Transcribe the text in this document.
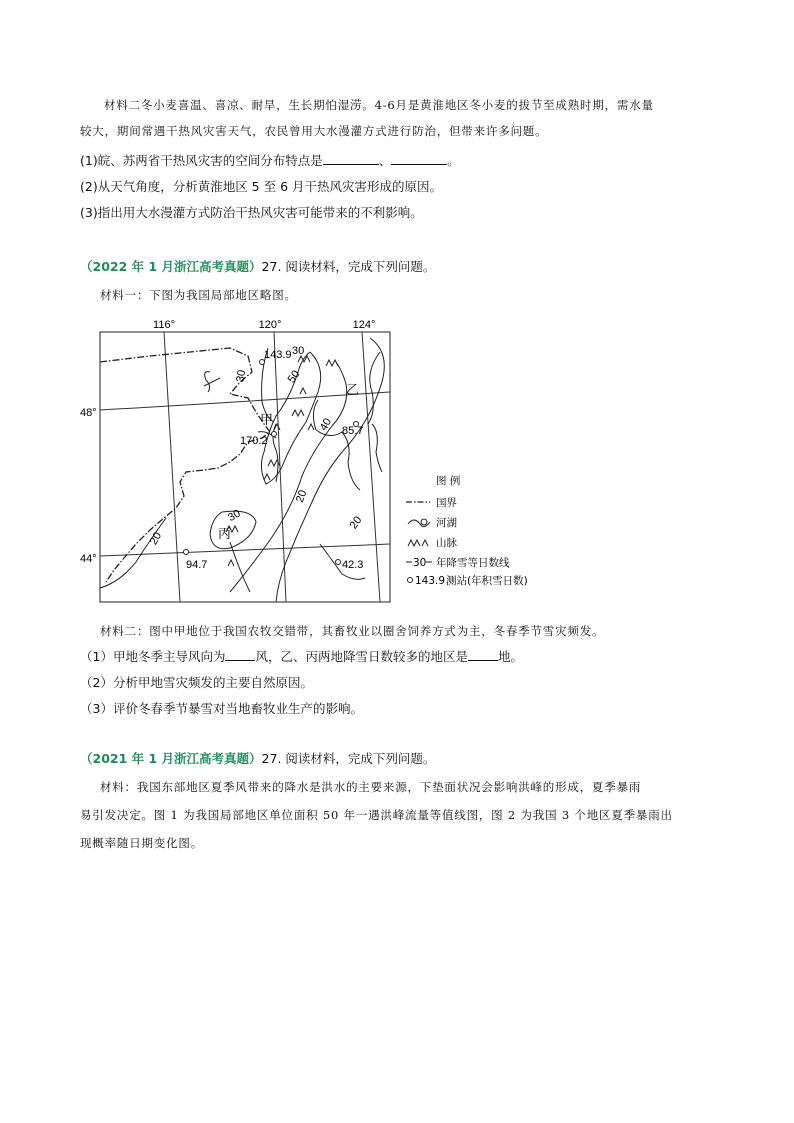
材料二冬小麦喜温、喜凉、耐旱，生长期怕湿涝。4-6月是黄淮地区冬小麦的拔节至成熟时期，需水量
较大，期间常遇干热风灾害天气，农民曾用大水漫灌方式进行防治，但带来许多问题。
(1)皖、苏两省干热风灾害的空间分布特点是	、	。
(2)从天气角度，分析黄淮地区 5 至 6 月干热风灾害形成的原因。
(3)指出用大水漫灌方式防治干热风灾害可能带来的不利影响。
（2022 年 1 月浙江高考真题）27. 阅读材料，完成下列问题。
材料一：下图为我国局部地区略图。
116°	120°	124°
48°
44°
30
50
40
30
20
20
30	20
143.9
170.2
85.7
94.7	42.3
甲
乙
丙
图 例
国界
河湖
山脉
30 年降雪等日数线
143.9 测站(年积雪日数)
材料二：图中甲地位于我国农牧交错带，其畜牧业以圈舍饲养方式为主，冬春季节雪灾频发。
（1）甲地冬季主导风向为 风，乙、丙两地降雪日数较多的地区是 地。
（2）分析甲地雪灾频发的主要自然原因。
（3）评价冬春季节暴雪对当地畜牧业生产的影响。
（2021 年 1 月浙江高考真题）27. 阅读材料，完成下列问题。
材料：我国东部地区夏季风带来的降水是洪水的主要来源，下垫面状况会影响洪峰的形成，夏季暴雨
易引发决定。图 1 为我国局部地区单位面积 50 年一遇洪峰流量等值线图，图 2 为我国 3 个地区夏季暴雨出
现概率随日期变化图。
